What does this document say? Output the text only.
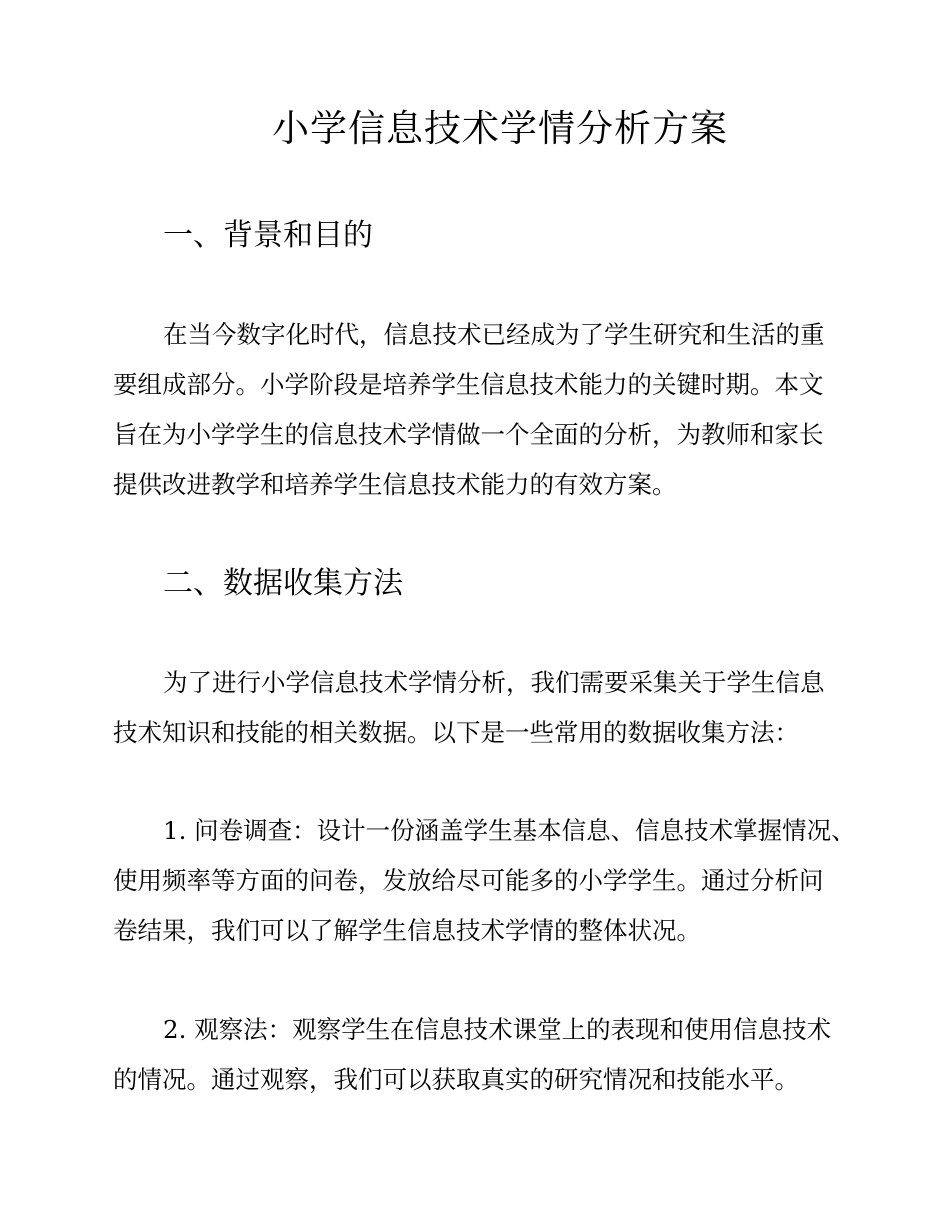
小学信息技术学情分析方案
一、背景和目的
在当今数字化时代，信息技术已经成为了学生研究和生活的重
要组成部分。小学阶段是培养学生信息技术能力的关键时期。本文
旨在为小学学生的信息技术学情做一个全面的分析，为教师和家长
提供改进教学和培养学生信息技术能力的有效方案。
二、数据收集方法
为了进行小学信息技术学情分析，我们需要采集关于学生信息
技术知识和技能的相关数据。以下是一些常用的数据收集方法：
1. 问卷调查：设计一份涵盖学生基本信息、信息技术掌握情况、
使用频率等方面的问卷，发放给尽可能多的小学学生。通过分析问
卷结果，我们可以了解学生信息技术学情的整体状况。
2. 观察法：观察学生在信息技术课堂上的表现和使用信息技术
的情况。通过观察，我们可以获取真实的研究情况和技能水平。
